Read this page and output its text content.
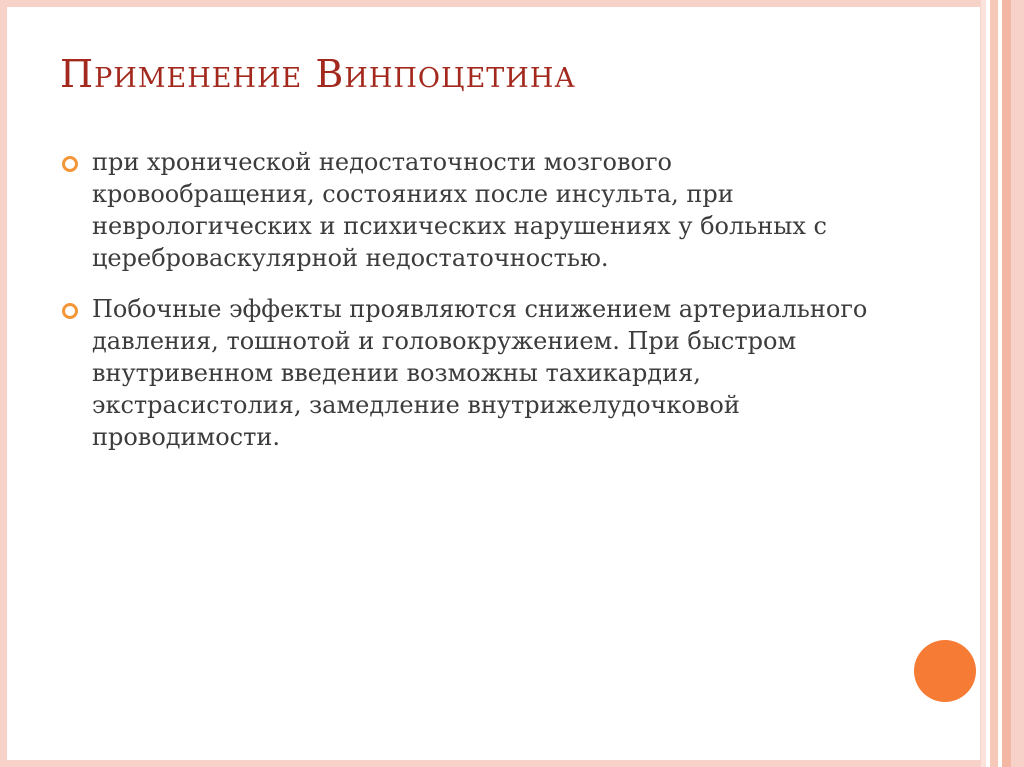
Применение Винпоцетина
при хронической недостаточности мозгового кровообращения, состояниях после инсульта, при неврологических и психических нарушениях у больных с цереброваскулярной недостаточностью.
Побочные эффекты проявляются снижением артериального давления, тошнотой и головокружением. При быстром внутривенном введении возможны тахикардия, экстрасистолия, замедление внутрижелудочковой проводимости.
